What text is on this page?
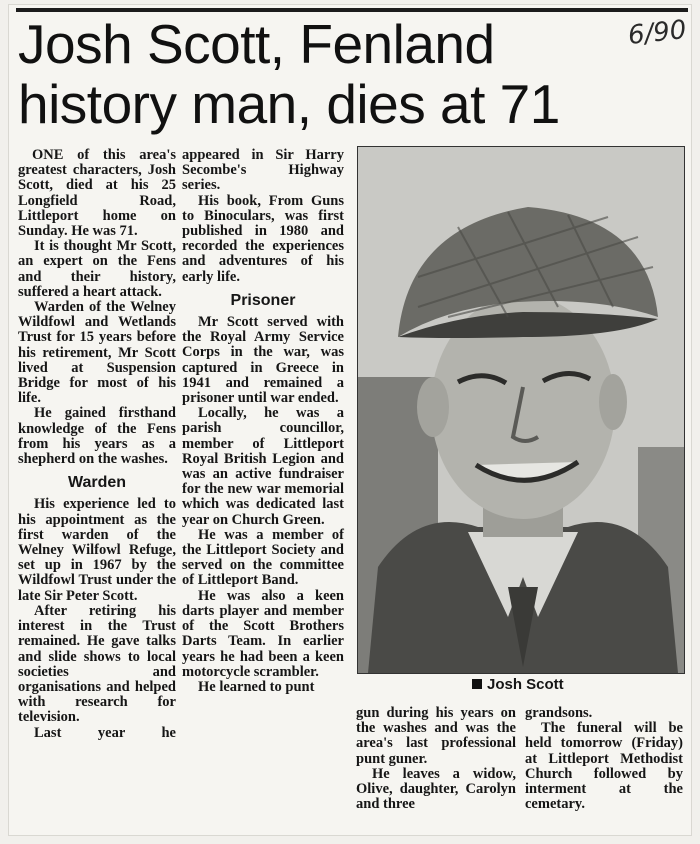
6/90
Josh Scott, Fenland history man, dies at 71

ONE of this area's greatest characters, Josh Scott, died at his 25 Longfield Road, Littleport home on Sunday. He was 71.

It is thought Mr Scott, an expert on the Fens and their history, suffered a heart attack.

Warden of the Welney Wildfowl and Wetlands Trust for 15 years before his retirement, Mr Scott lived at Suspension Bridge for most of his life.

He gained firsthand knowledge of the Fens from his years as a shepherd on the washes.

Warden

His experience led to his appointment as the first warden of the Welney Wilfowl Refuge, set up in 1967 by the Wildfowl Trust under the late Sir Peter Scott.

After retiring his interest in the Trust remained. He gave talks and slide shows to local societies and organisations and helped with research for television.

Last year he

appeared in Sir Harry Secombe's Highway series.

His book, From Guns to Binoculars, was first published in 1980 and recorded the experiences and adventures of his early life.

Prisoner

Mr Scott served with the Royal Army Service Corps in the war, was captured in Greece in 1941 and remained a prisoner until war ended.

Locally, he was a parish councillor, member of Littleport Royal British Legion and was an active fundraiser for the new war memorial which was dedicated last year on Church Green.

He was a member of the Littleport Society and served on the committee of Littleport Band.

He was also a keen darts player and member of the Scott Brothers Darts Team. In earlier years he had been a keen motorcycle scrambler.

He learned to punt	Josh Scott

gun during his years on the washes and was the area's last professional punt guner.

He leaves a widow, Olive, daughter, Carolyn and three

grandsons.

The funeral will be held tomorrow (Friday) at Littleport Methodist Church followed by interment at the cemetary.
